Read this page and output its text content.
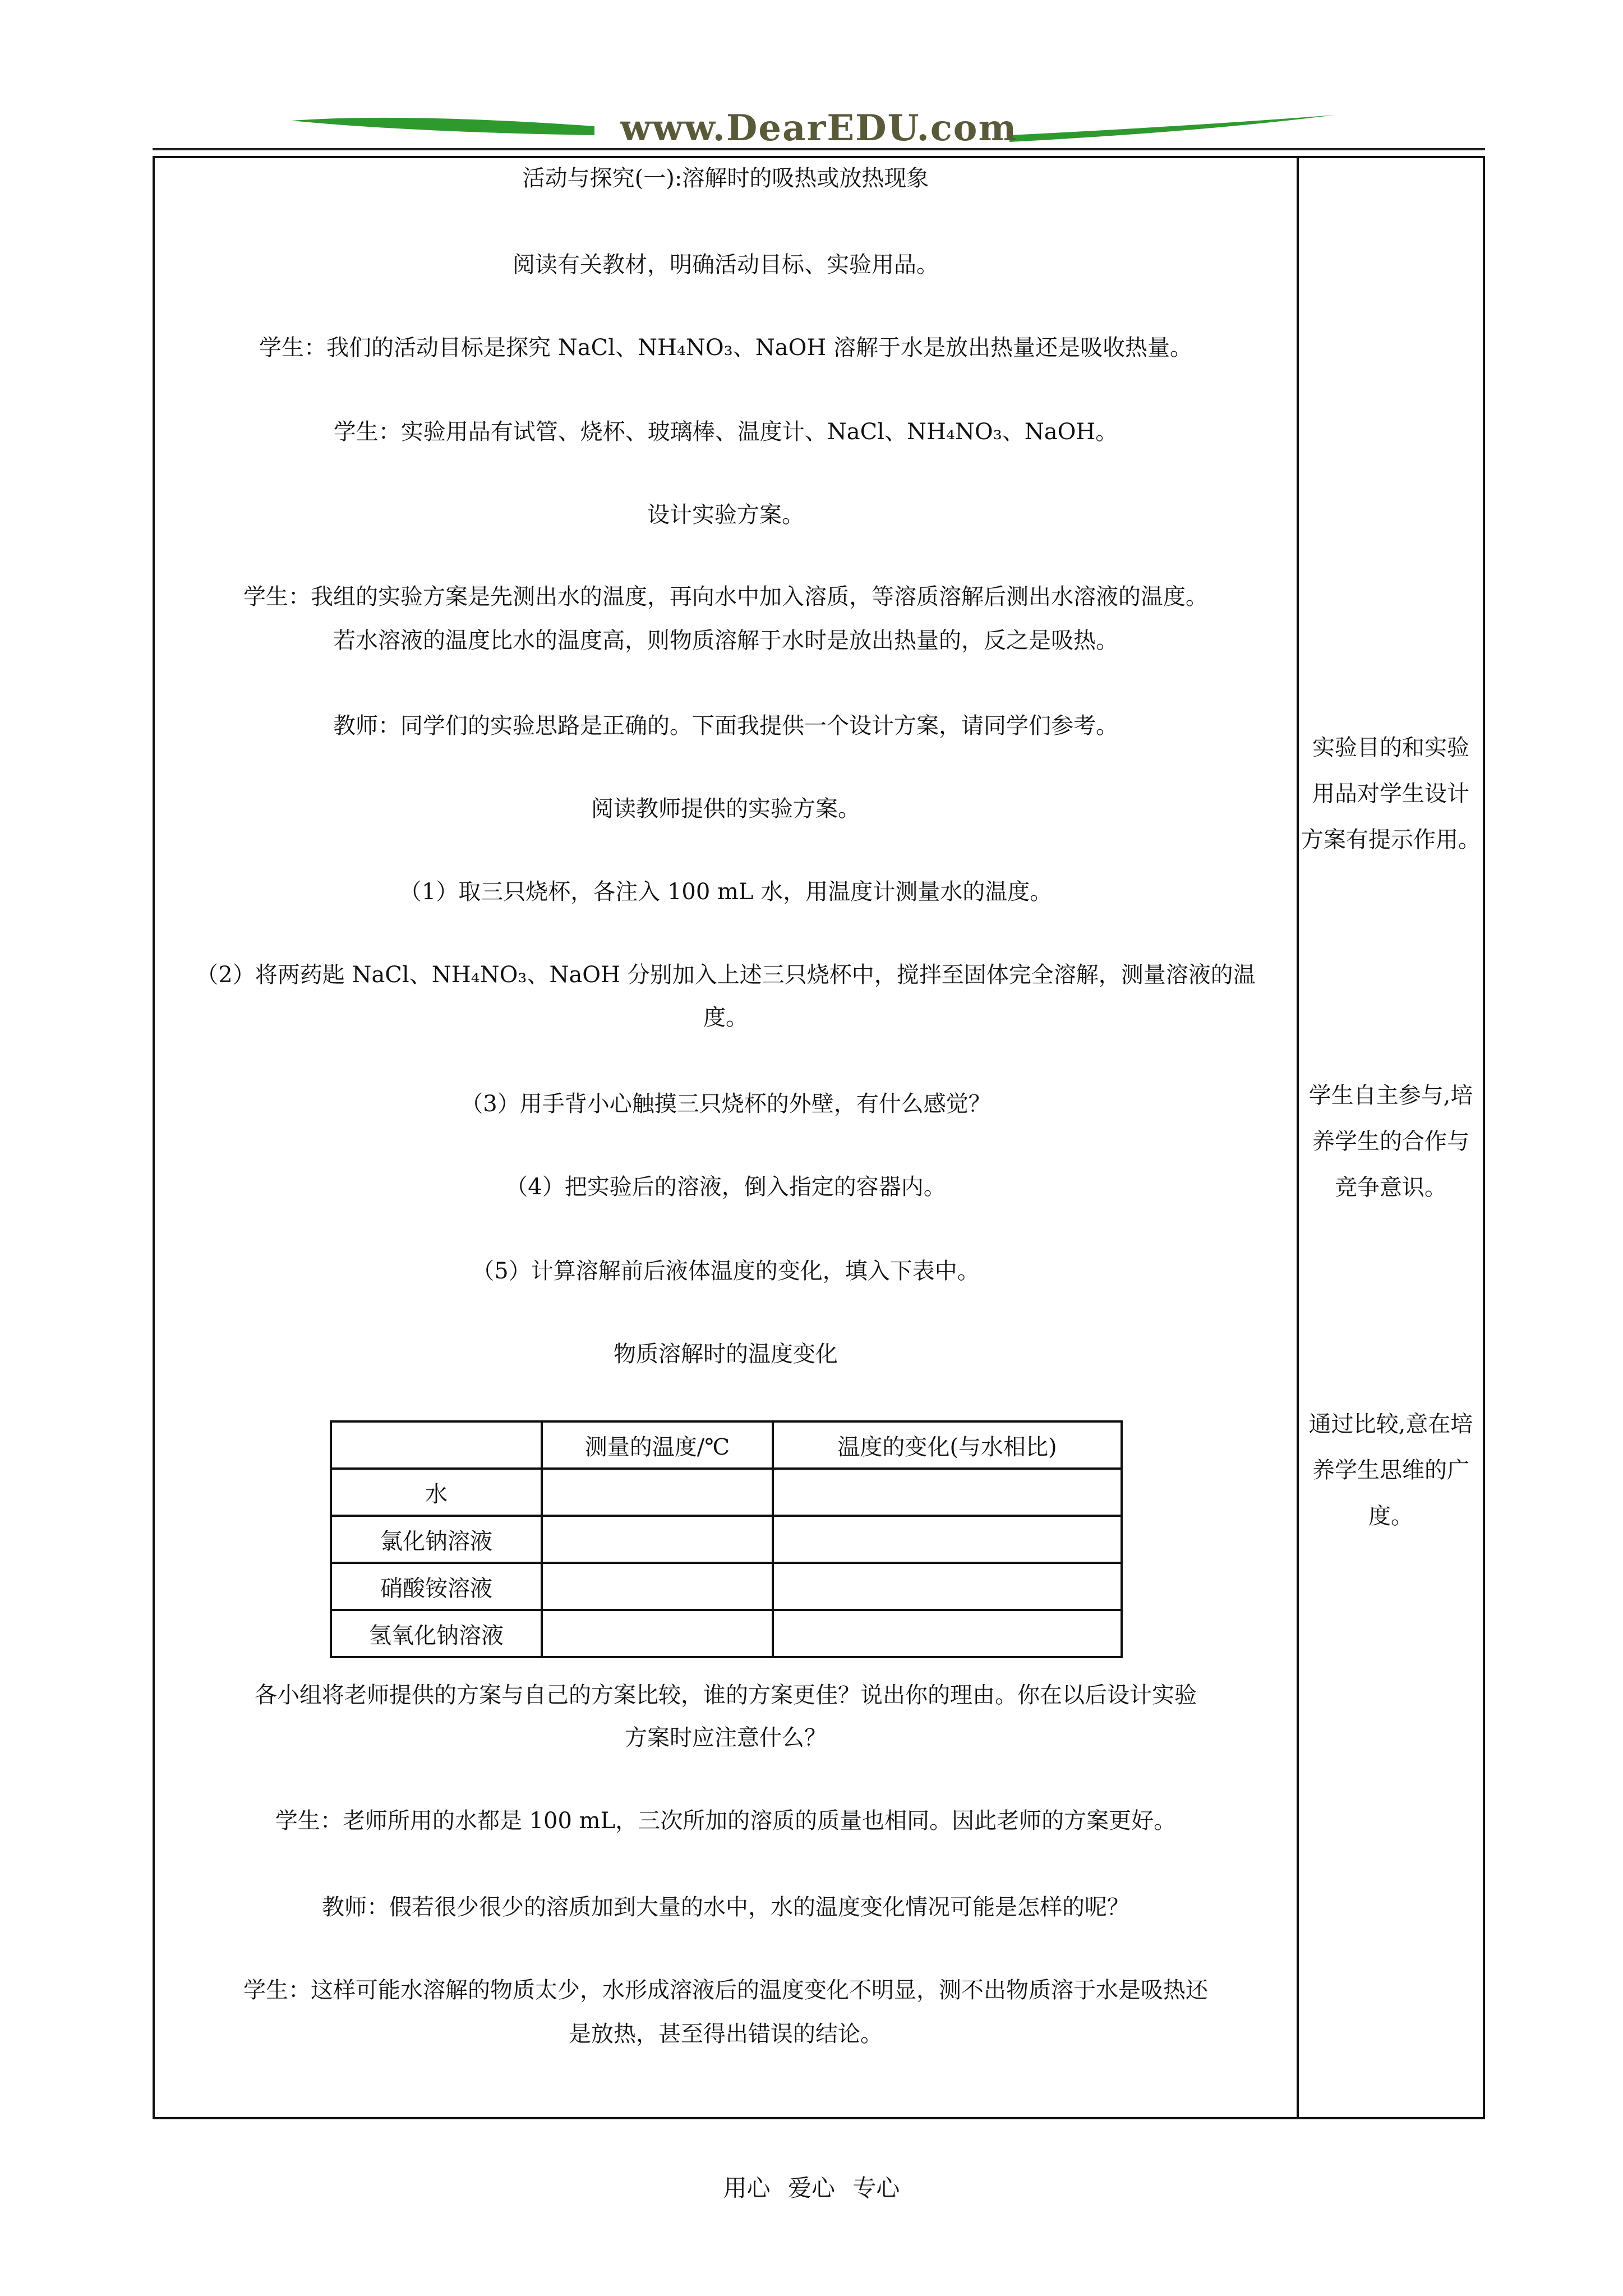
www.DearEDU.com
活动与探究(一):溶解时的吸热或放热现象
阅读有关教材，明确活动目标、实验用品。
学生：我们的活动目标是探究 NaCl、NH₄NO₃、NaOH 溶解于水是放出热量还是吸收热量。
学生：实验用品有试管、烧杯、玻璃棒、温度计、NaCl、NH₄NO₃、NaOH。
设计实验方案。
学生：我组的实验方案是先测出水的温度，再向水中加入溶质，等溶质溶解后测出水溶液的温度。
若水溶液的温度比水的温度高，则物质溶解于水时是放出热量的，反之是吸热。
教师：同学们的实验思路是正确的。下面我提供一个设计方案，请同学们参考。
阅读教师提供的实验方案。
（1）取三只烧杯，各注入 100 mL 水，用温度计测量水的温度。
（2）将两药匙 NaCl、NH₄NO₃、NaOH 分别加入上述三只烧杯中，搅拌至固体完全溶解，测量溶液的温
度。
（3）用手背小心触摸三只烧杯的外壁，有什么感觉？
（4）把实验后的溶液，倒入指定的容器内。
（5）计算溶解前后液体温度的变化，填入下表中。
物质溶解时的温度变化
各小组将老师提供的方案与自己的方案比较，谁的方案更佳？说出你的理由。你在以后设计实验
方案时应注意什么？
学生：老师所用的水都是 100 mL，三次所加的溶质的质量也相同。因此老师的方案更好。
教师：假若很少很少的溶质加到大量的水中，水的温度变化情况可能是怎样的呢？
学生：这样可能水溶解的物质太少，水形成溶液后的温度变化不明显，测不出物质溶于水是吸热还
是放热，甚至得出错误的结论。
	测量的温度/℃	温度的变化(与水相比)
水		
氯化钠溶液		
硝酸铵溶液		
氢氧化钠溶液		
实验目的和实验
用品对学生设计
方案有提示作用。
学生自主参与,培
养学生的合作与
竞争意识。
通过比较,意在培
养学生思维的广
度。
用心 爱心 专心
